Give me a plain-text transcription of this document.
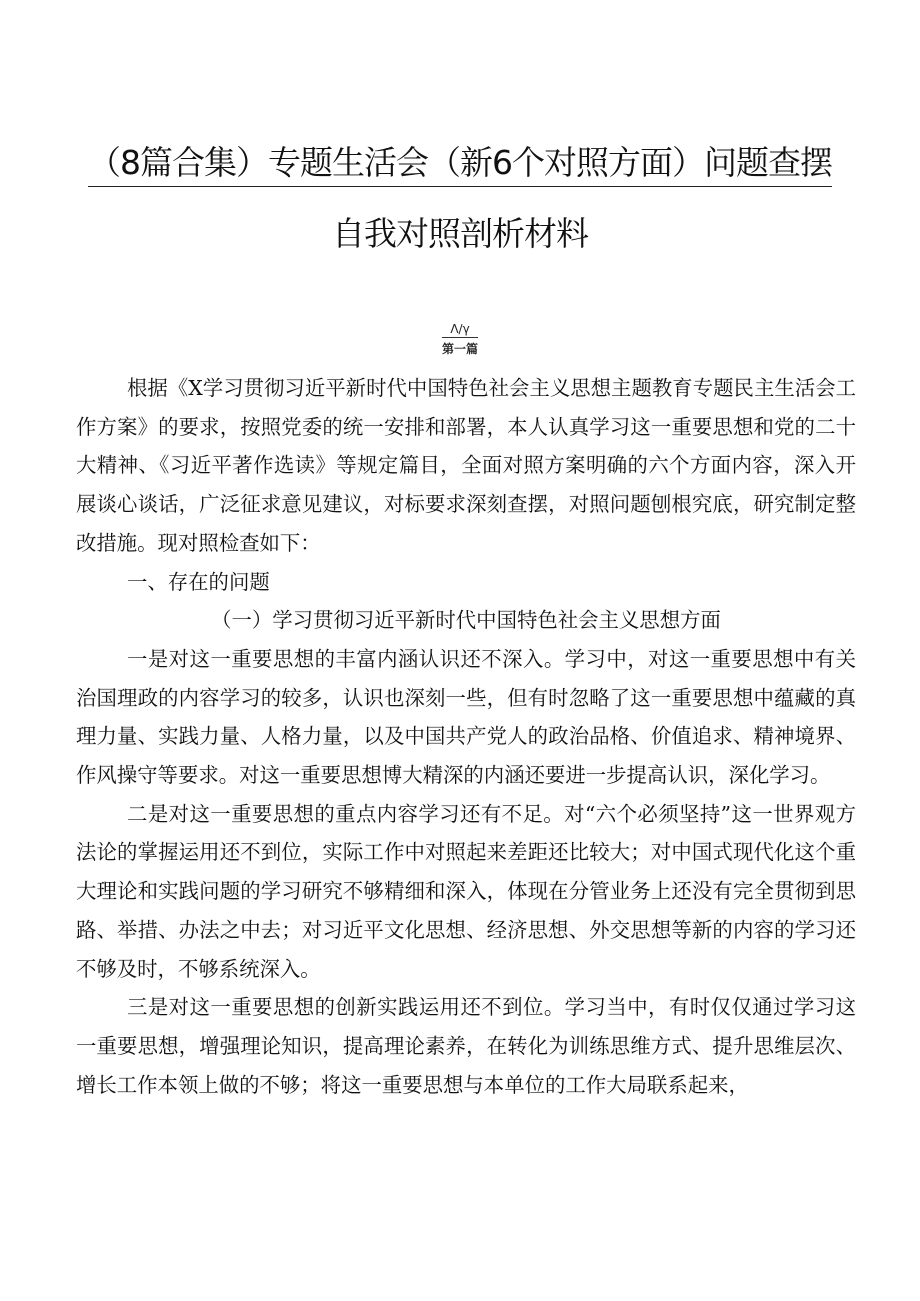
（8篇合集）专题生活会（新6个对照方面）问题查摆
自我对照剖析材料
Λ/γ
第一篇

根据《X学习贯彻习近平新时代中国特色社会主义思想主题教育专题民主生活会工作方案》的要求，按照党委的统一安排和部署，本人认真学习这一重要思想和党的二十大精神、《习近平著作选读》等规定篇目，全面对照方案明确的六个方面内容，深入开展谈心谈话，广泛征求意见建议，对标要求深刻查摆，对照问题刨根究底，研究制定整改措施。现对照检查如下：

一、存在的问题

（一）学习贯彻习近平新时代中国特色社会主义思想方面

一是对这一重要思想的丰富内涵认识还不深入。学习中，对这一重要思想中有关治国理政的内容学习的较多，认识也深刻一些，但有时忽略了这一重要思想中蕴藏的真理力量、实践力量、人格力量，以及中国共产党人的政治品格、价值追求、精神境界、作风操守等要求。对这一重要思想博大精深的内涵还要进一步提高认识，深化学习。

二是对这一重要思想的重点内容学习还有不足。对“六个必须坚持”这一世界观方法论的掌握运用还不到位，实际工作中对照起来差距还比较大；对中国式现代化这个重大理论和实践问题的学习研究不够精细和深入，体现在分管业务上还没有完全贯彻到思路、举措、办法之中去；对习近平文化思想、经济思想、外交思想等新的内容的学习还不够及时，不够系统深入。

三是对这一重要思想的创新实践运用还不到位。学习当中，有时仅仅通过学习这一重要思想，增强理论知识，提高理论素养，在转化为训练思维方式、提升思维层次、增长工作本领上做的不够；将这一重要思想与本单位的工作大局联系起来，
